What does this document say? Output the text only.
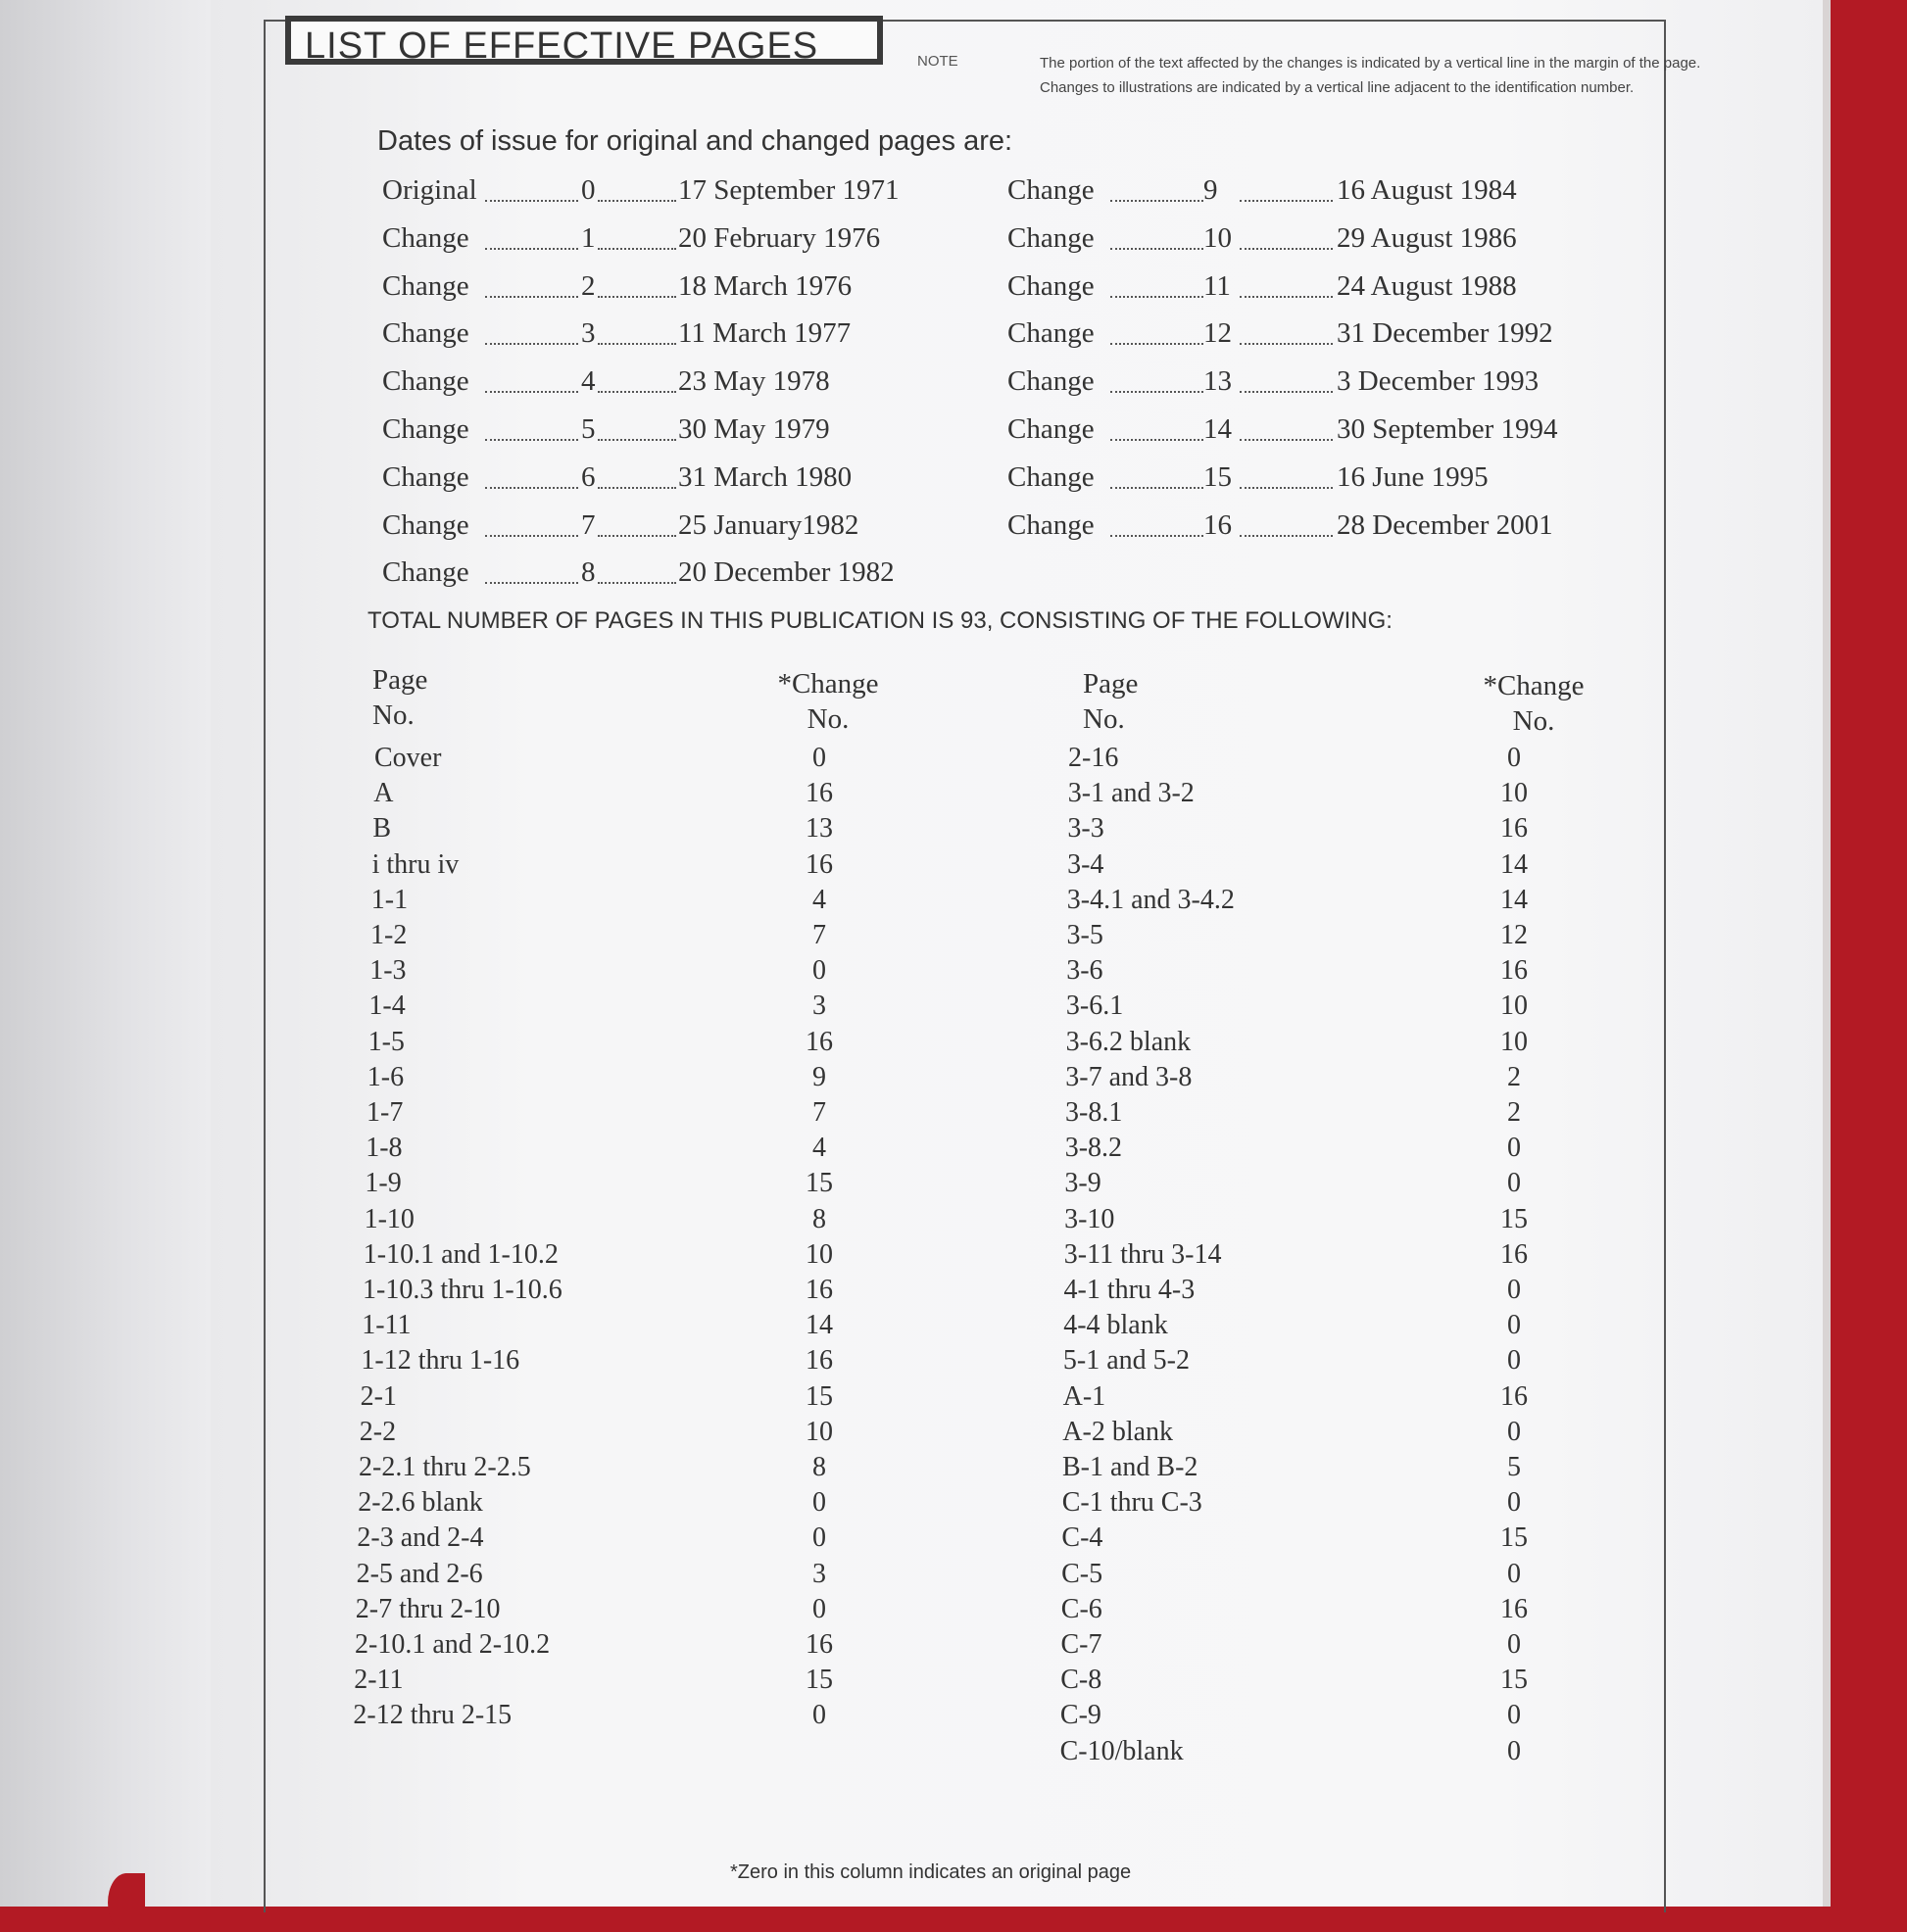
LIST OF EFFECTIVE PAGES	NOTE	The portion of the text affected by the changes is indicated by a vertical line in the margin of the page. Changes to illustrations are indicated by a vertical line adjacent to the identification number.
Dates of issue for original and changed pages are:
Original	0	17 September 1971
Change	1	20 February 1976
Change	2	18 March 1976
Change	3	11 March 1977
Change	4	23 May 1978
Change	5	30 May 1979
Change	6	31 March 1980
Change	7	25 January1982
Change	8	20 December 1982
Change	9	16 August 1984
Change	10	29 August 1986
Change	11	24 August 1988
Change	12	31 December 1992
Change	13	3 December 1993
Change	14	30 September 1994
Change	15	16 June 1995
Change	16	28 December 2001
TOTAL NUMBER OF PAGES IN THIS PUBLICATION IS 93, CONSISTING OF THE FOLLOWING:
Page
No.
*Change
No.
Page
No.
*Change
No.
Cover	0
A	16
B	13
i thru iv	16
1-1	4
1-2	7
1-3	0
1-4	3
1-5	16
1-6	9
1-7	7
1-8	4
1-9	15
1-10	8
1-10.1 and 1-10.2	10
1-10.3 thru 1-10.6	16
1-11	14
1-12 thru 1-16	16
2-1	15
2-2	10
2-2.1 thru 2-2.5	8
2-2.6 blank	0
2-3 and 2-4	0
2-5 and 2-6	3
2-7 thru 2-10	0
2-10.1 and 2-10.2	16
2-11	15
2-12 thru 2-15	0
2-16	0
3-1 and 3-2	10
3-3	16
3-4	14
3-4.1 and 3-4.2	14
3-5	12
3-6	16
3-6.1	10
3-6.2 blank	10
3-7 and 3-8	2
3-8.1	2
3-8.2	0
3-9	0
3-10	15
3-11 thru 3-14	16
4-1 thru 4-3	0
4-4 blank	0
5-1 and 5-2	0
A-1	16
A-2 blank	0
B-1 and B-2	5
C-1 thru C-3	0
C-4	15
C-5	0
C-6	16
C-7	0
C-8	15
C-9	0
C-10/blank	0
*Zero in this column indicates an original page
